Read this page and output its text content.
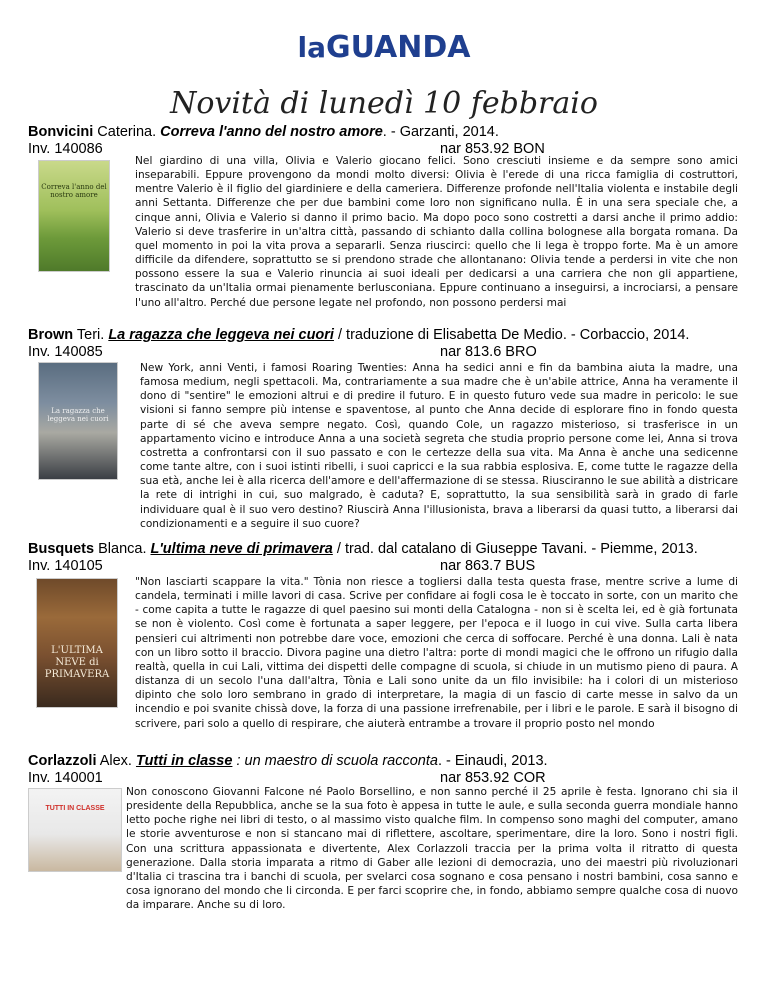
laGUANDA
Novità di lunedì 10 febbraio
Bonvicini Caterina. Correva l'anno del nostro amore. - Garzanti, 2014.
Inv. 140086	nar 853.92 BON
Correva l'anno del nostro amore
Nel giardino di una villa, Olivia e Valerio giocano felici. Sono cresciuti insieme e da sempre sono amici inseparabili. Eppure provengono da mondi molto diversi: Olivia è l'erede di una ricca famiglia di costruttori, mentre Valerio è il figlio del giardiniere e della cameriera. Differenze profonde nell'Italia violenta e instabile degli anni Settanta. Differenze che per due bambini come loro non significano nulla. È in una sera speciale che, a cinque anni, Olivia e Valerio si danno il primo bacio. Ma dopo poco sono costretti a darsi anche il primo addio: Valerio si deve trasferire in un'altra città, passando di schianto dalla collina bolognese alla borgata romana. Da quel momento in poi la vita prova a separarli. Senza riuscirci: quello che li lega è troppo forte. Ma è un amore difficile da difendere, soprattutto se si prendono strade che allontanano: Olivia tende a perdersi in vite che non possono essere la sua e Valerio rinuncia ai suoi ideali per dedicarsi a una carriera che non gli appartiene, trascinato da un'Italia ormai pienamente berlusconiana. Eppure continuano a inseguirsi, a incrociarsi, a pensare l'uno all'altro. Perché due persone legate nel profondo, non possono perdersi mai
Brown Teri. La ragazza che leggeva nei cuori / traduzione di Elisabetta De Medio. - Corbaccio, 2014.
Inv. 140085	nar 813.6 BRO
La ragazza che leggeva nei cuori
New York, anni Venti, i famosi Roaring Twenties: Anna ha sedici anni e fin da bambina aiuta la madre, una famosa medium, negli spettacoli. Ma, contrariamente a sua madre che è un'abile attrice, Anna ha veramente il dono di "sentire" le emozioni altrui e di predire il futuro. E in questo futuro vede sua madre in pericolo: le sue visioni si fanno sempre più intense e spaventose, al punto che Anna decide di esplorare fino in fondo questa parte di sé che aveva sempre negato. Così, quando Cole, un ragazzo misterioso, si trasferisce in un appartamento vicino e introduce Anna a una società segreta che studia proprio persone come lei, Anna si trova costretta a confrontarsi con il suo passato e con le certezze della sua vita. Ma Anna è anche una sedicenne come tante altre, con i suoi istinti ribelli, i suoi capricci e la sua rabbia esplosiva. E, come tutte le ragazze della sua età, anche lei è alla ricerca dell'amore e dell'affermazione di se stessa. Riusciranno le sue abilità a districare la rete di intrighi in cui, suo malgrado, è caduta? E, soprattutto, la sua sensibilità sarà in grado di farle individuare qual è il suo vero destino? Riuscirà Anna l'illusionista, brava a liberarsi da quasi tutto, a liberarsi dai condizionamenti e a seguire il suo cuore?
Busquets Blanca. L'ultima neve di primavera / trad. dal catalano di Giuseppe Tavani. - Piemme, 2013.
Inv. 140105	nar 863.7 BUS
L'ULTIMA NEVE di PRIMAVERA
"Non lasciarti scappare la vita." Tònia non riesce a togliersi dalla testa questa frase, mentre scrive a lume di candela, terminati i mille lavori di casa. Scrive per confidare ai fogli cosa le è toccato in sorte, con un marito che - come capita a tutte le ragazze di quel paesino sui monti della Catalogna - non si è scelta lei, ed è già fortunata se non è violento. Così come è fortunata a saper leggere, per l'epoca e il luogo in cui vive. Sulla carta libera pensieri cui altrimenti non potrebbe dare voce, emozioni che cerca di soffocare. Perché è una donna. Lali è nata con un libro sotto il braccio. Divora pagine una dietro l'altra: porte di mondi magici che le offrono un rifugio dalla realtà, quella in cui Lali, vittima dei dispetti delle compagne di scuola, si chiude in un mutismo pieno di paura. A distanza di un secolo l'una dall'altra, Tònia e Lali sono unite da un filo invisibile: ha i colori di un misterioso dipinto che solo loro sembrano in grado di interpretare, la magia di un fascio di carte messe in salvo da un incendio e poi svanite chissà dove, la forza di una passione irrefrenabile, per i libri e le parole. E sarà il bisogno di scrivere, pari solo a quello di respirare, che aiuterà entrambe a trovare il proprio posto nel mondo
Corlazzoli Alex. Tutti in classe : un maestro di scuola racconta. - Einaudi, 2013.
Inv. 140001	nar 853.92 COR
TUTTI IN CLASSE
Non conoscono Giovanni Falcone né Paolo Borsellino, e non sanno perché il 25 aprile è festa. Ignorano chi sia il presidente della Repubblica, anche se la sua foto è appesa in tutte le aule, e sulla seconda guerra mondiale hanno letto poche righe nei libri di testo, o al massimo visto qualche film. In compenso sono maghi del computer, amano le storie avventurose e non si stancano mai di riflettere, ascoltare, sperimentare, dire la loro. Sono i nostri figli. Con una scrittura appassionata e divertente, Alex Corlazzoli traccia per la prima volta il ritratto di questa generazione. Dalla storia imparata a ritmo di Gaber alle lezioni di democrazia, uno dei maestri più rivoluzionari d'Italia ci trascina tra i banchi di scuola, per svelarci cosa sognano e cosa pensano i nostri bambini, cosa sanno e cosa ignorano del mondo che li circonda. E per farci scoprire che, in fondo, abbiamo sempre qualche cosa di nuovo da imparare. Anche su di loro.
